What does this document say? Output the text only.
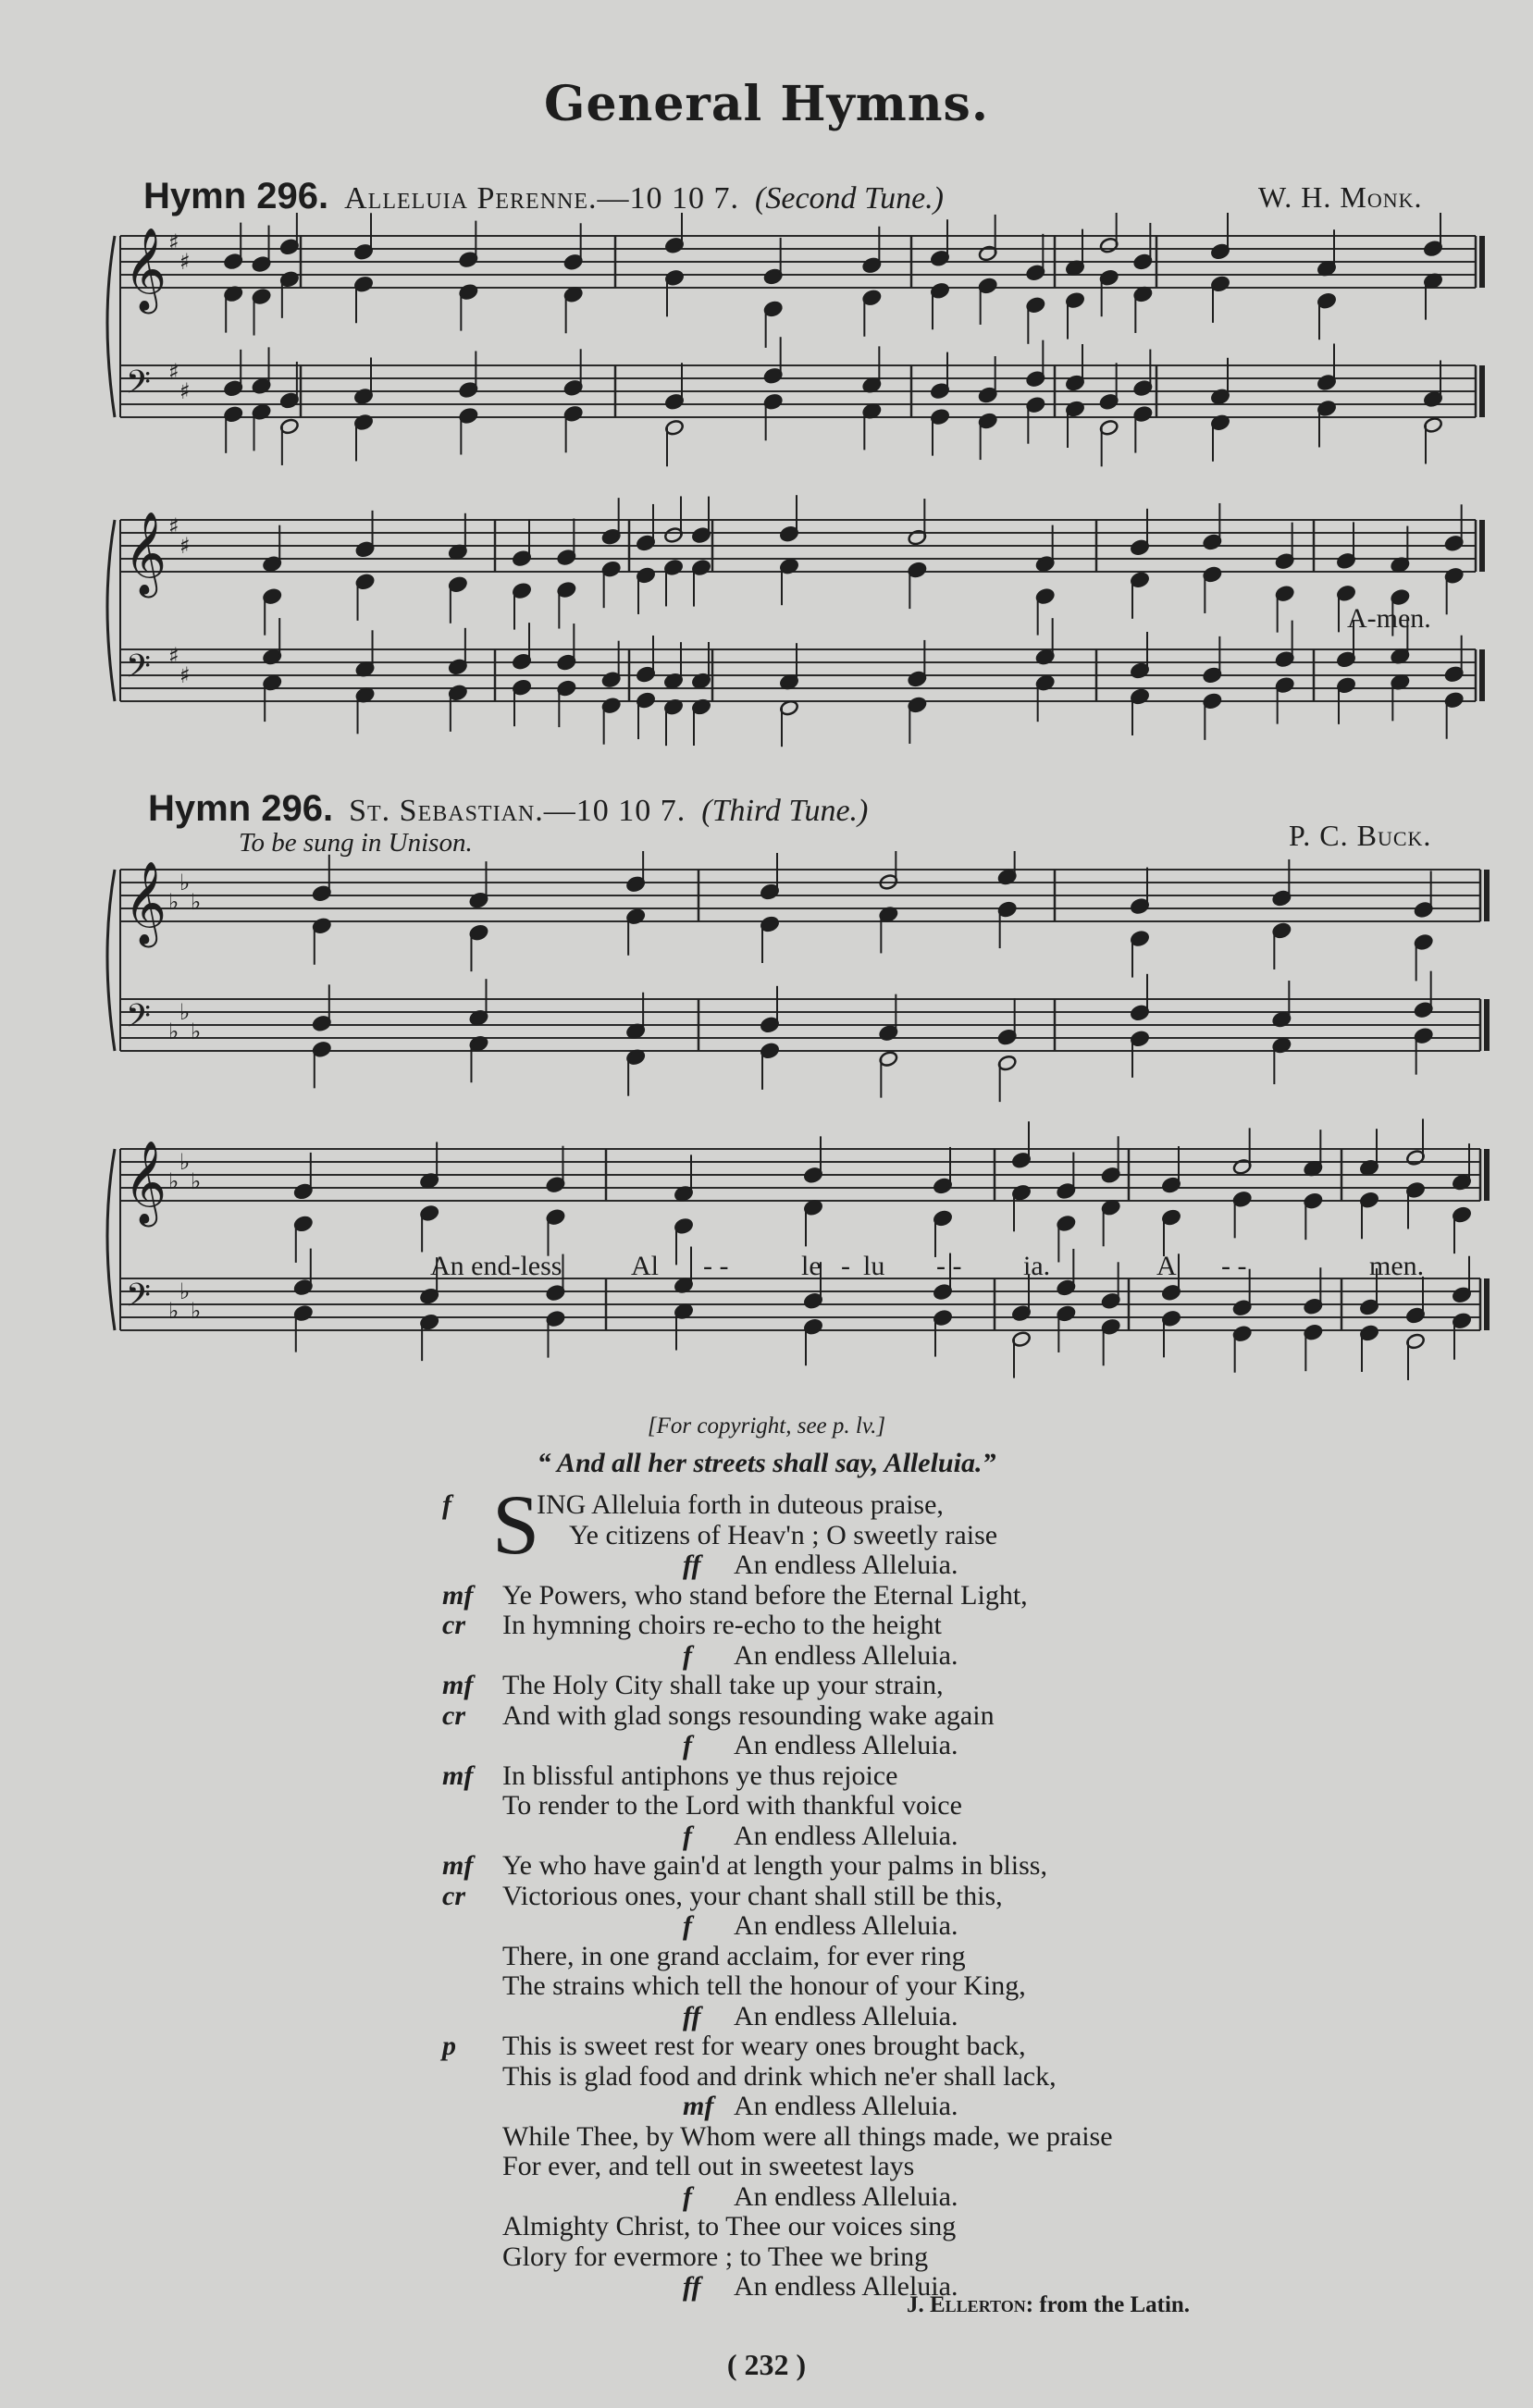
General Hymns.
Hymn 296. Alleluia Perenne.—10 10 7. (Second Tune.)	W. H. Monk.
𝄞
𝄢
♯
♯
♯
♯
𝄞
𝄢
♯
♯
♯
♯
A-men.
Hymn 296. St. Sebastian.—10 10 7. (Third Tune.)
To be sung in Unison.	P. C. Buck.
𝄞
𝄢
♭
♭
♭
♭
♭
♭
𝄞
𝄢
♭
♭
♭
♭
♭
♭
An end-less Al - -	le - lu - - ia.	A - -	men.
[For copyright, see p. lv.]
“ And all her streets shall say, Alleluia.”
f S
ING Alleluia forth in duteous praise,
Ye citizens of Heav'n ; O sweetly raise
ff An endless Alleluia.
mf Ye Powers, who stand before the Eternal Light,
cr In hymning choirs re-echo to the height
f An endless Alleluia.
mf The Holy City shall take up your strain,
cr And with glad songs resounding wake again
f An endless Alleluia.
mf In blissful antiphons ye thus rejoice
To render to the Lord with thankful voice
f An endless Alleluia.
mf Ye who have gain'd at length your palms in bliss,
cr Victorious ones, your chant shall still be this,
f An endless Alleluia.
There, in one grand acclaim, for ever ring
The strains which tell the honour of your King,
ff An endless Alleluia.
p This is sweet rest for weary ones brought back,
This is glad food and drink which ne'er shall lack,
mf An endless Alleluia.
While Thee, by Whom were all things made, we praise
For ever, and tell out in sweetest lays
f An endless Alleluia.
Almighty Christ, to Thee our voices sing
Glory for evermore ; to Thee we bring
ff An endless Alleluia.
J. Ellerton: from the Latin.
( 232 )
